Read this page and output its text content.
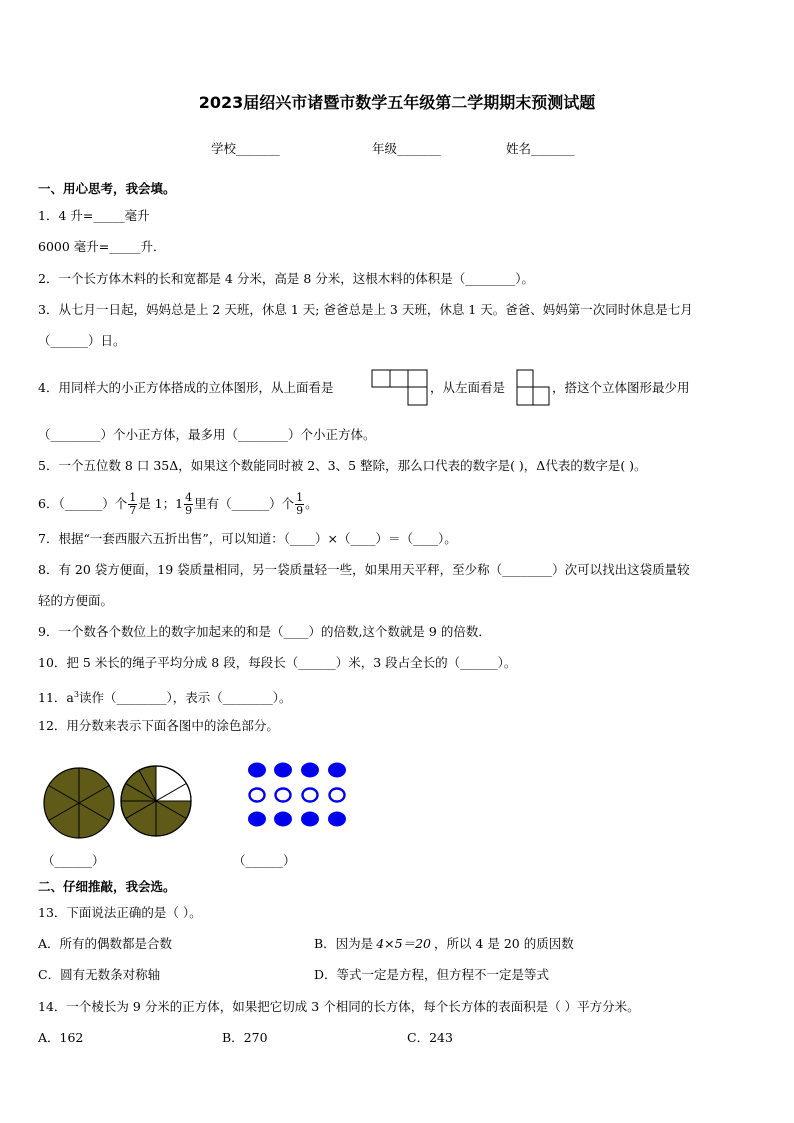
2023届绍兴市诸暨市数学五年级第二学期期末预测试题
学校_______	年级_______	姓名_______
一、用心思考，我会填。
1．4 升=_____毫升
6000 毫升=_____升．
2．一个长方体木料的长和宽都是 4 分米，高是 8 分米，这根木料的体积是（________）。
3．从七月一日起，妈妈总是上 2 天班，休息 1 天; 爸爸总是上 3 天班，休息 1 天。爸爸、妈妈第一次同时休息是七月
（______）日。
4．用同样大的小正方体搭成的立体图形，从上面看是	，从左面看是	，搭这个立体图形最少用
（________）个小正方体，最多用（________）个小正方体。
5．一个五位数 8 口 35Δ，如果这个数能同时被 2、3、5 整除，那么口代表的数字是( )，Δ代表的数字是( )。
6．（______）个 $\frac{1}{7}$ 是 1；$1 \frac{4}{9}$ 里有（______）个 $\frac{1}{9}$ 。
7．根据“一套西服六五折出售”，可以知道：（____）×（____）＝（____）。
8．有 20 袋方便面，19 袋质量相同，另一袋质量轻一些，如果用天平秤，至少称（________）次可以找出这袋质量较
轻的方便面。
9．一个数各个数位上的数字加起来的和是（____）的倍数,这个数就是 9 的倍数．
10．把 5 米长的绳子平均分成 8 段，每段长（______）米，3 段占全长的（______）。
11．$a^3$读作（________），表示（________）。
12．用分数来表示下面各图中的涂色部分。
（______）	（______）
二、仔细推敲，我会选。
13．下面说法正确的是（ ）。
A．所有的偶数都是合数	B．因为是 4×5＝20 ，所以 4 是 20 的质因数
C．圆有无数条对称轴	D．等式一定是方程，但方程不一定是等式
14．一个棱长为 9 分米的正方体，如果把它切成 3 个相同的长方体，每个长方体的表面积是（ ）平方分米。
A．162	B．270	C．243
